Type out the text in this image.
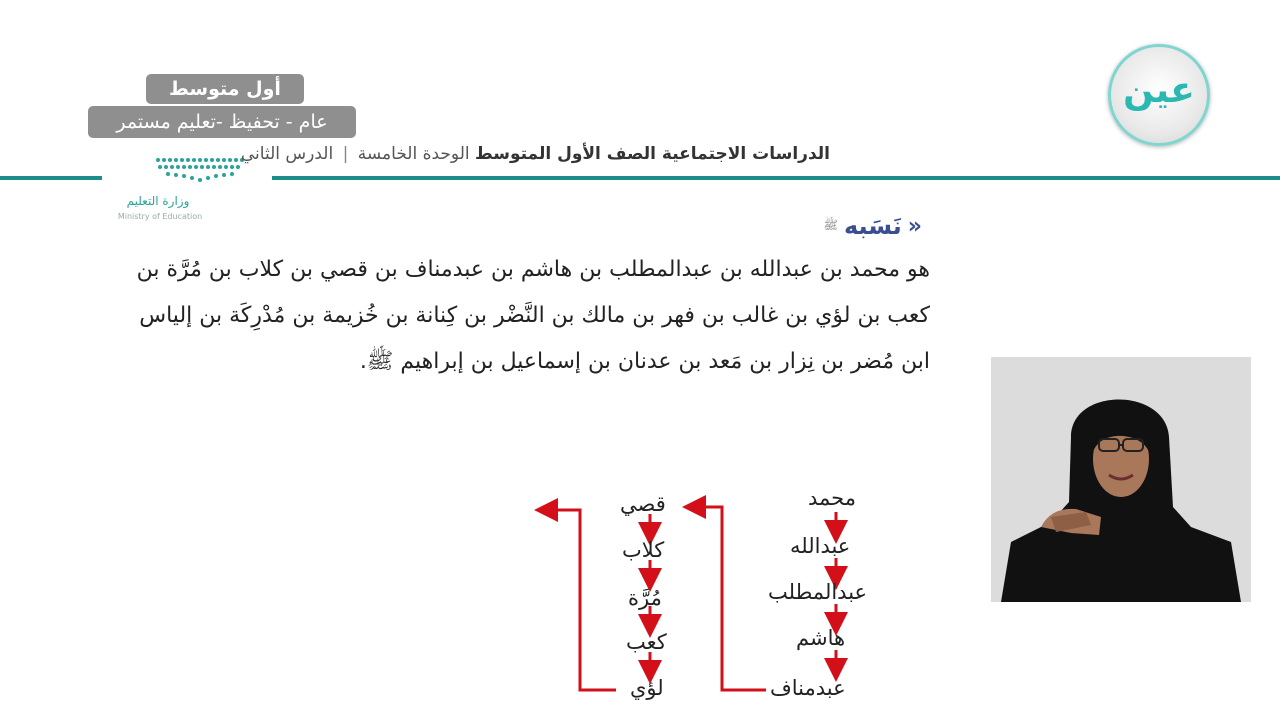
أول متوسط
عام - تحفيظ -تعليم مستمر
وزارة التعليم
Ministry of Education
الدراسات الاجتماعية الصف الأول المتوسط الوحدة الخامسة | الدرس الثاني
عين
«
نَسَبه
ﷺ

هو محمد بن عبدالله بن عبدالمطلب بن هاشم بن عبدمناف بن قصي بن كلاب بن مُرَّة بن

كعب بن لؤي بن غالب بن فهر بن مالك بن النَّضْر بن كِنانة بن خُزيمة بن مُدْرِكَة بن إلياس

ابن مُضر بن نِزار بن مَعد بن عدنان بن إسماعيل بن إبراهيم ﷺ.

محمد
عبدالله
عبدالمطلب
هاشم
عبدمناف
قصي
كلاب
مُرَّة
كعب
لؤي
